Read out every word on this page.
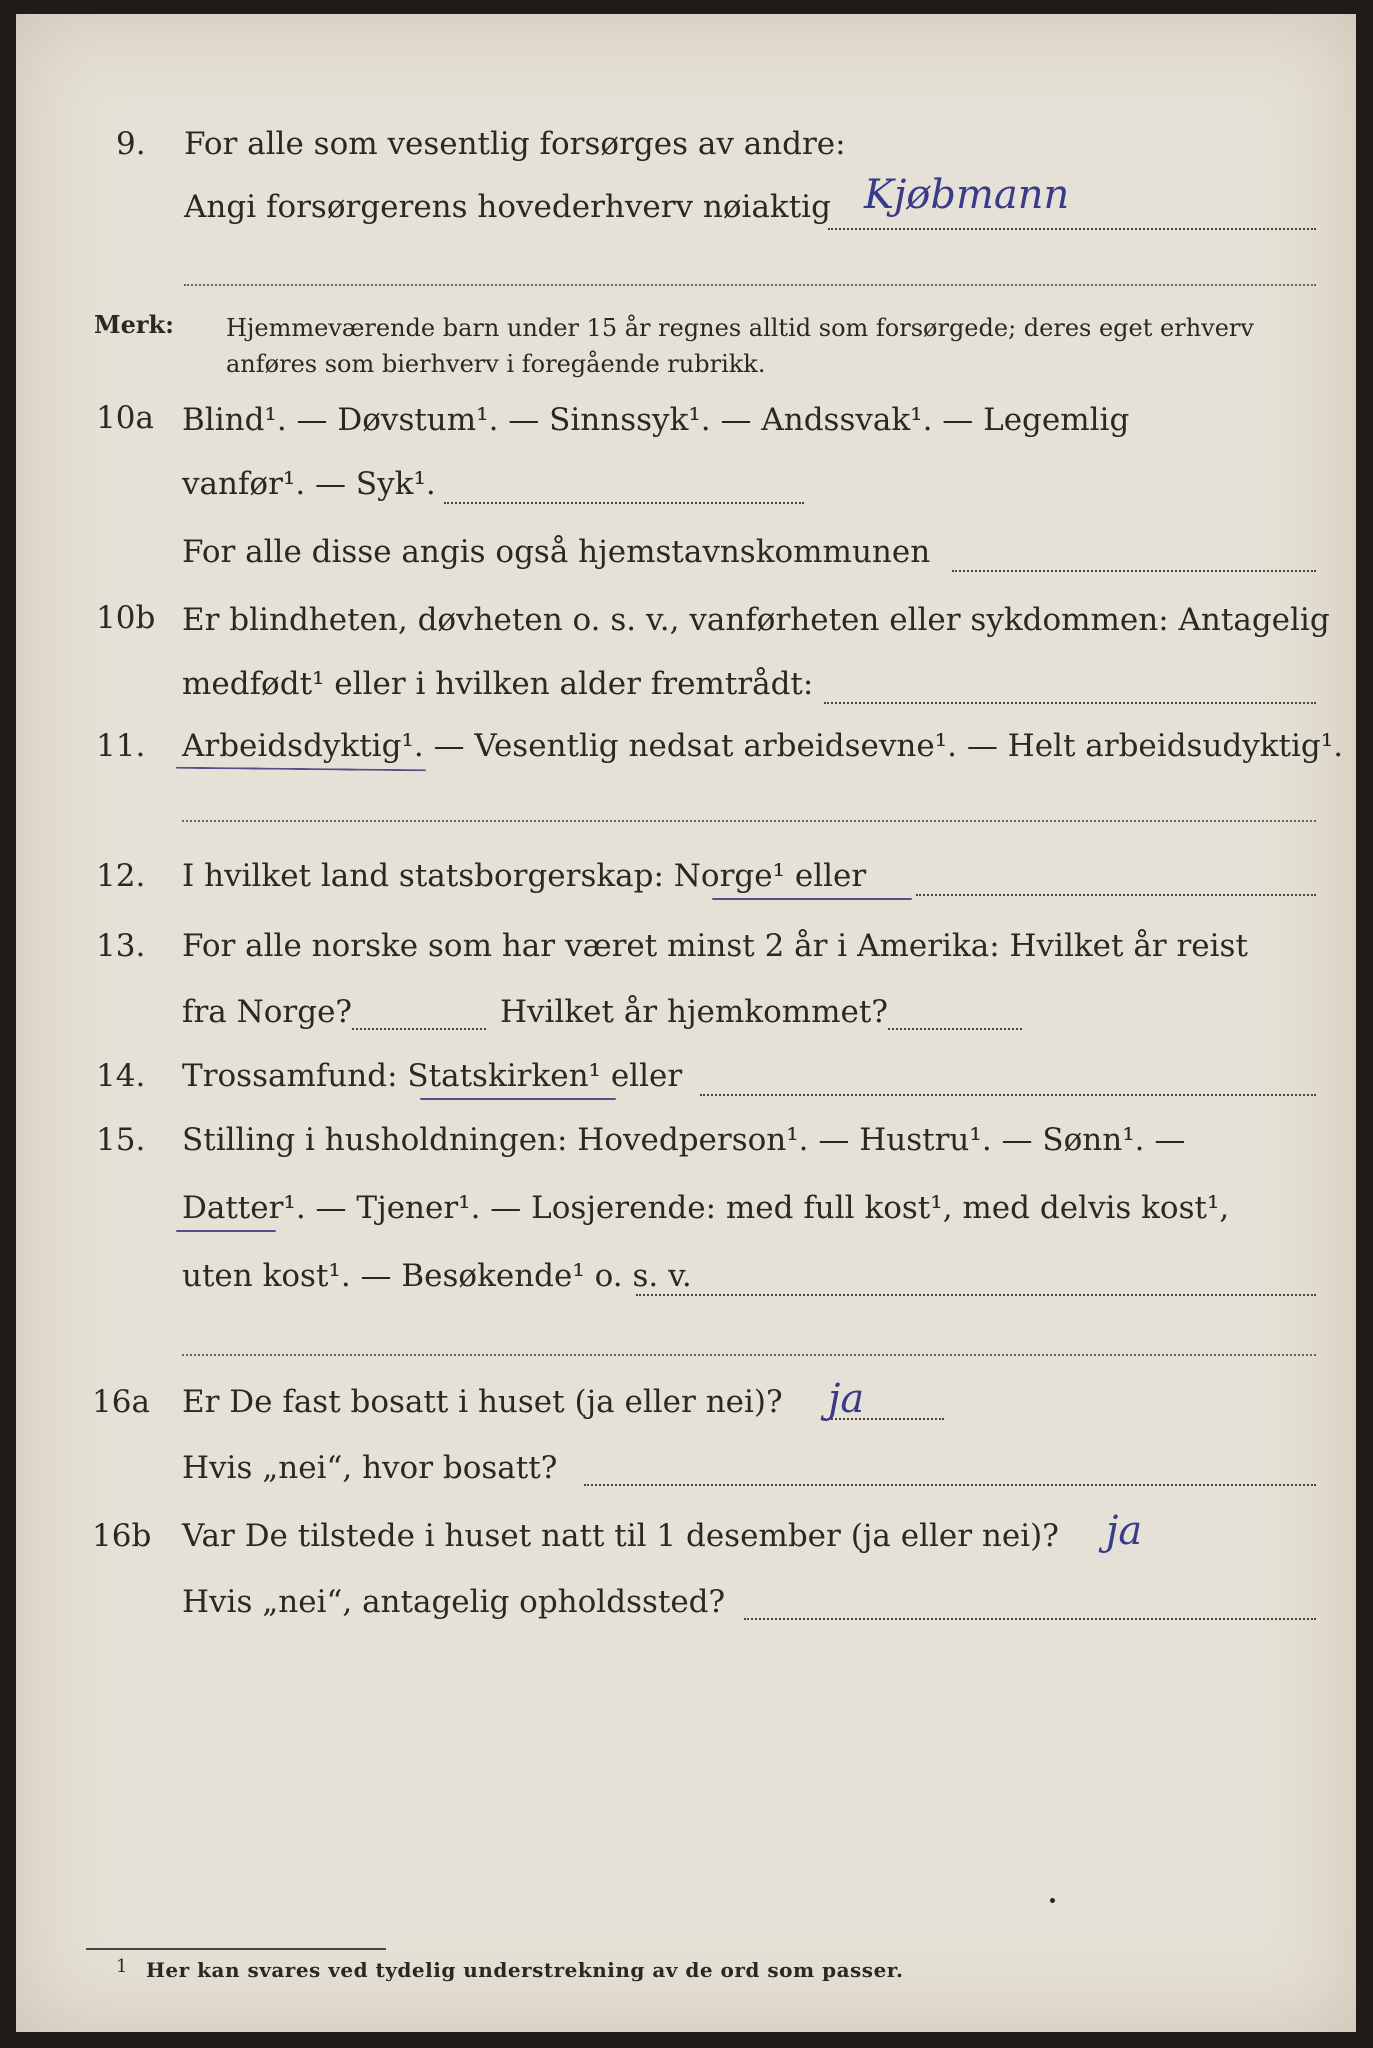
9. For alle som vesentlig forsørges av andre:
Angi forsørgerens hovederhverv nøiaktig Kjøbmann
Merk: Hjemmeværende barn under 15 år regnes alltid som forsørgede; deres eget erhverv
anføres som bierhverv i foregående rubrikk.
10a Blind¹. — Døvstum¹. — Sinnssyk¹. — Andssvak¹. — Legemlig
vanfør¹. — Syk¹.
For alle disse angis også hjemstavnskommunen
10b Er blindheten, døvheten o. s. v., vanførheten eller sykdommen: Antagelig
medfødt¹ eller i hvilken alder fremtrådt:
11. Arbeidsdyktig¹. — Vesentlig nedsat arbeidsevne¹. — Helt arbeidsudyktig¹.
12. I hvilket land statsborgerskap: Norge¹ eller
13. For alle norske som har været minst 2 år i Amerika: Hvilket år reist
fra Norge?	Hvilket år hjemkommet?
14. Trossamfund: Statskirken¹ eller
15. Stilling i husholdningen: Hovedperson¹. — Hustru¹. — Sønn¹. —
Datter¹. — Tjener¹. — Losjerende: med full kost¹, med delvis kost¹,
uten kost¹. — Besøkende¹ o. s. v.
16a Er De fast bosatt i huset (ja eller nei)? ja
Hvis „nei“, hvor bosatt?
16b Var De tilstede i huset natt til 1 desember (ja eller nei)? ja
Hvis „nei“, antagelig opholdssted?
1 Her kan svares ved tydelig understrekning av de ord som passer.
